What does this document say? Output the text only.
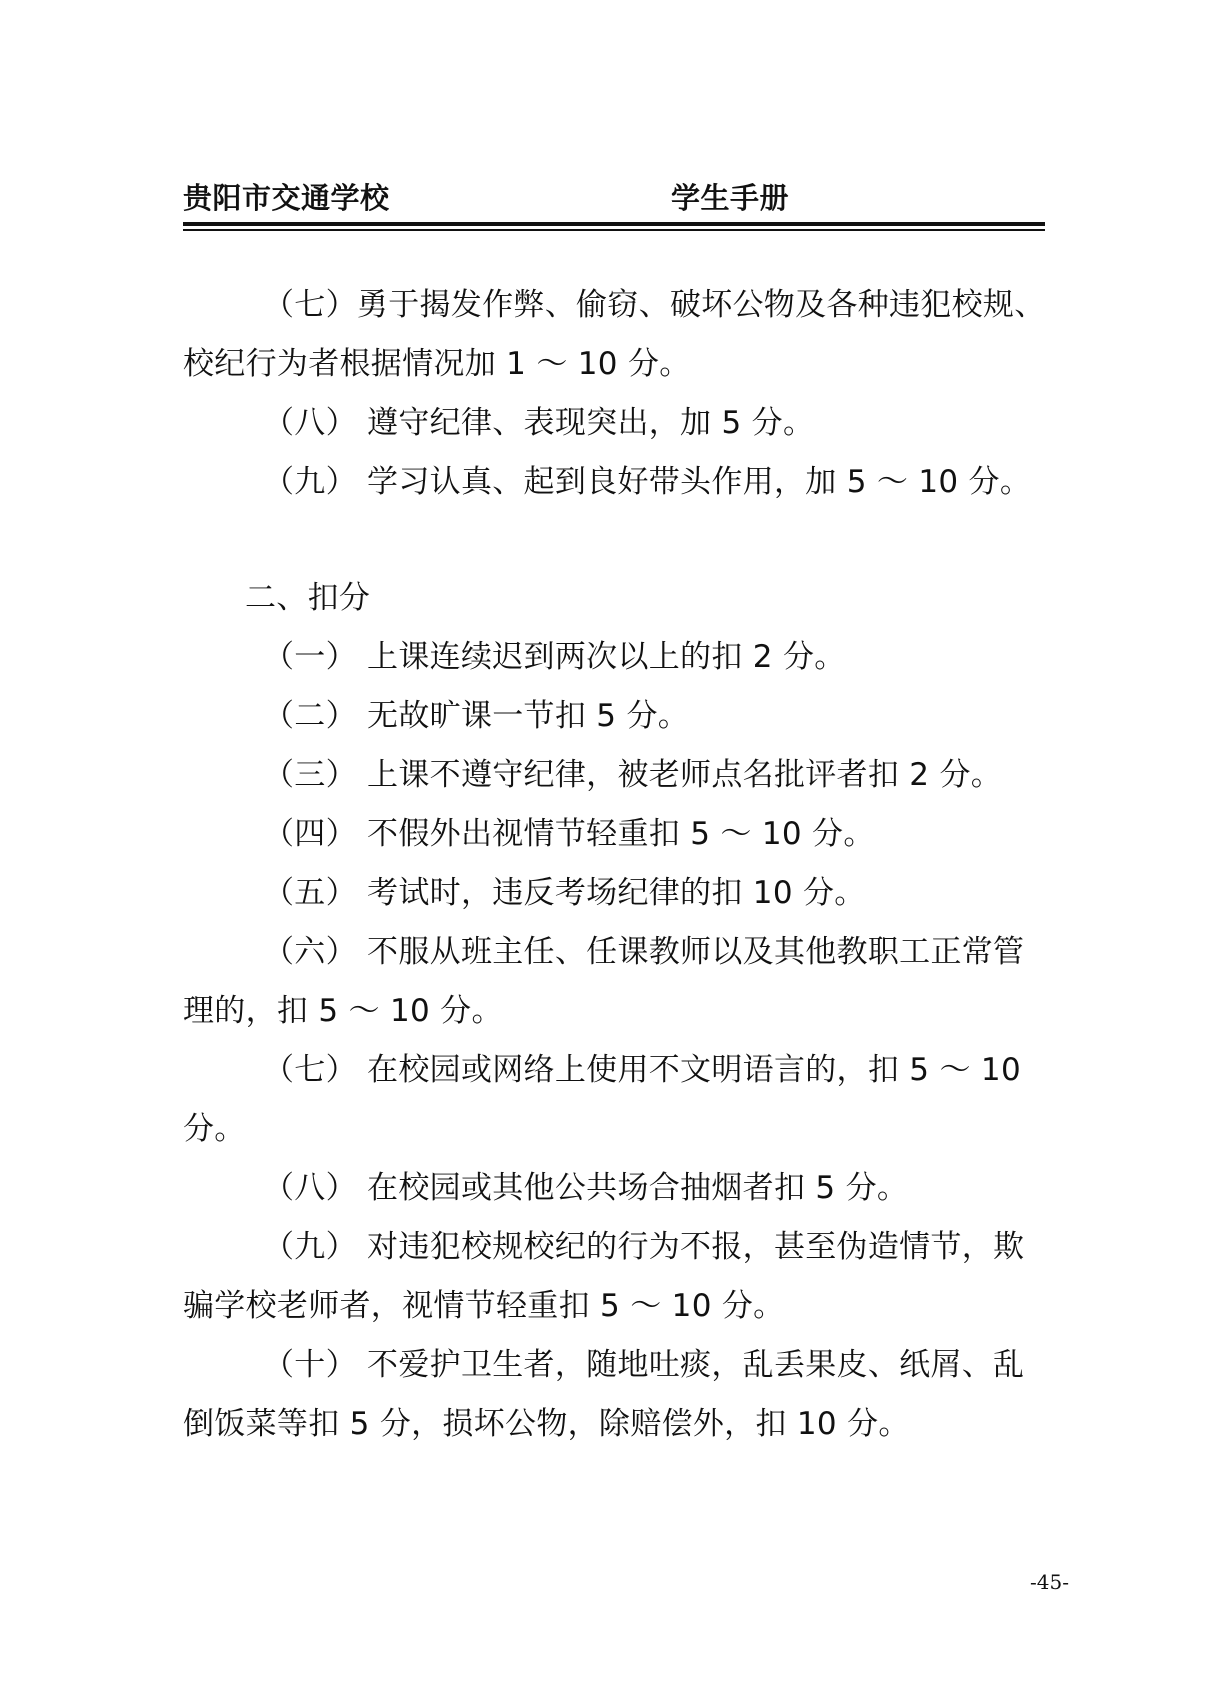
贵阳市交通学校	学生手册

（七）勇于揭发作弊、偷窃、破坏公物及各种违犯校规、校纪行为者根据情况加 1 ～ 10 分。

（八） 遵守纪律、表现突出，加 5 分。

（九） 学习认真、起到良好带头作用，加 5 ～ 10 分。

二、扣分

（一） 上课连续迟到两次以上的扣 2 分。

（二） 无故旷课一节扣 5 分。

（三） 上课不遵守纪律，被老师点名批评者扣 2 分。

（四） 不假外出视情节轻重扣 5 ～ 10 分。

（五） 考试时，违反考场纪律的扣 10 分。

（六） 不服从班主任、任课教师以及其他教职工正常管理的，扣 5 ～ 10 分。

（七） 在校园或网络上使用不文明语言的，扣 5 ～ 10 分。

（八） 在校园或其他公共场合抽烟者扣 5 分。

（九） 对违犯校规校纪的行为不报，甚至伪造情节，欺骗学校老师者，视情节轻重扣 5 ～ 10 分。

（十） 不爱护卫生者，随地吐痰，乱丢果皮、纸屑、乱倒饭菜等扣 5 分，损坏公物，除赔偿外，扣 10 分。

-45-
